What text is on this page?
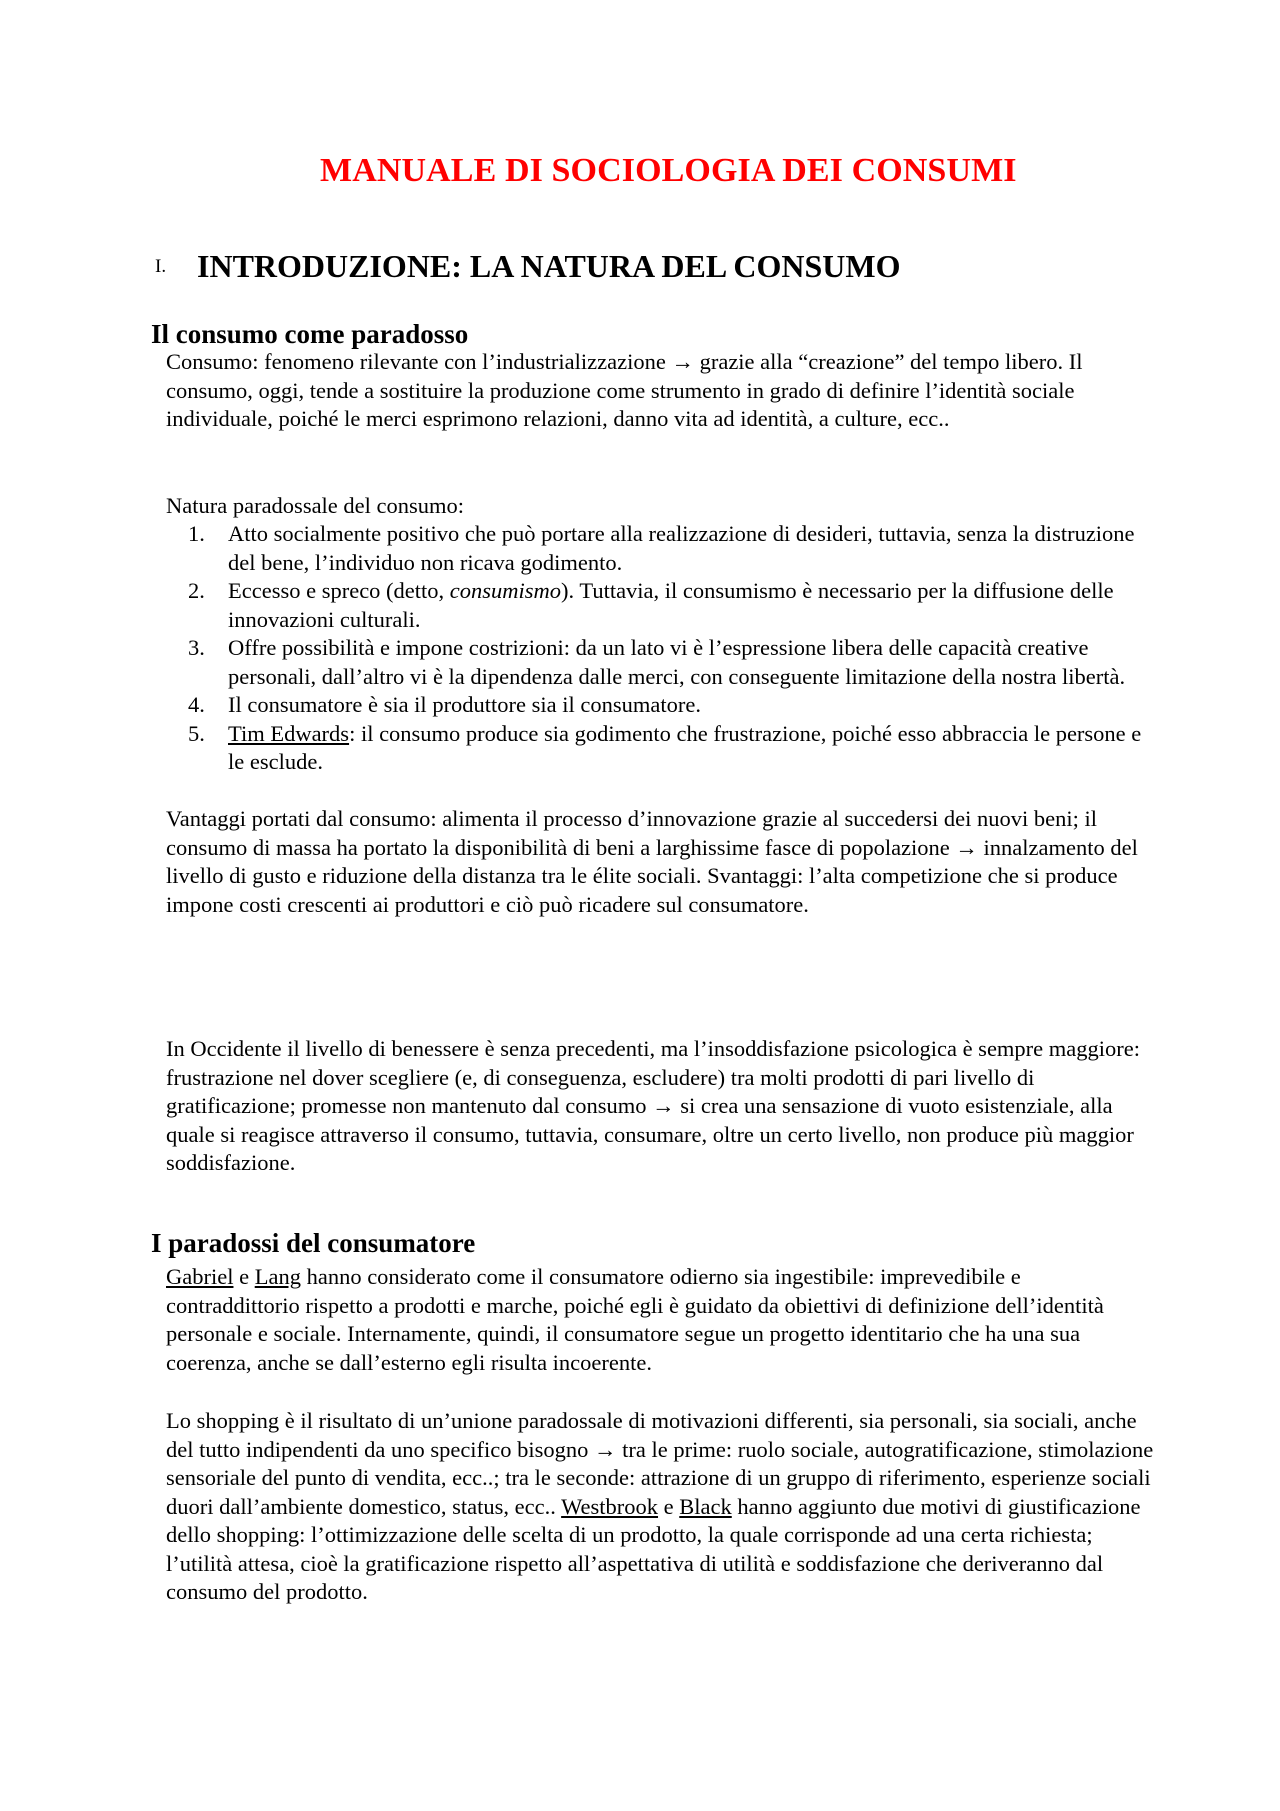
MANUALE DI SOCIOLOGIA DEI CONSUMI
I. INTRODUZIONE: LA NATURA DEL CONSUMO
Il consumo come paradosso

Consumo: fenomeno rilevante con l’industrializzazione → grazie alla “creazione” del tempo libero. Il consumo, oggi, tende a sostituire la produzione come strumento in grado di definire l’identità sociale individuale, poiché le merci esprimono relazioni, danno vita ad identità, a culture, ecc..

Natura paradossale del consumo:

1. Atto socialmente positivo che può portare alla realizzazione di desideri, tuttavia, senza la distruzione del bene, l’individuo non ricava godimento.
2. Eccesso e spreco (detto, consumismo). Tuttavia, il consumismo è necessario per la diffusione delle innovazioni culturali.
3. Offre possibilità e impone costrizioni: da un lato vi è l’espressione libera delle capacità creative personali, dall’altro vi è la dipendenza dalle merci, con conseguente limitazione della nostra libertà.
4. Il consumatore è sia il produttore sia il consumatore.
5. Tim Edwards: il consumo produce sia godimento che frustrazione, poiché esso abbraccia le persone e le esclude.

Vantaggi portati dal consumo: alimenta il processo d’innovazione grazie al succedersi dei nuovi beni; il consumo di massa ha portato la disponibilità di beni a larghissime fasce di popolazione → innalzamento del livello di gusto e riduzione della distanza tra le élite sociali. Svantaggi: l’alta competizione che si produce impone costi crescenti ai produttori e ciò può ricadere sul consumatore.

In Occidente il livello di benessere è senza precedenti, ma l’insoddisfazione psicologica è sempre maggiore: frustrazione nel dover scegliere (e, di conseguenza, escludere) tra molti prodotti di pari livello di gratificazione; promesse non mantenuto dal consumo → si crea una sensazione di vuoto esistenziale, alla quale si reagisce attraverso il consumo, tuttavia, consumare, oltre un certo livello, non produce più maggior soddisfazione.

I paradossi del consumatore

Gabriel e Lang hanno considerato come il consumatore odierno sia ingestibile: imprevedibile e contraddittorio rispetto a prodotti e marche, poiché egli è guidato da obiettivi di definizione dell’identità personale e sociale. Internamente, quindi, il consumatore segue un progetto identitario che ha una sua coerenza, anche se dall’esterno egli risulta incoerente.

Lo shopping è il risultato di un’unione paradossale di motivazioni differenti, sia personali, sia sociali, anche del tutto indipendenti da uno specifico bisogno → tra le prime: ruolo sociale, autogratificazione, stimolazione sensoriale del punto di vendita, ecc..; tra le seconde: attrazione di un gruppo di riferimento, esperienze sociali duori dall’ambiente domestico, status, ecc.. Westbrook e Black hanno aggiunto due motivi di giustificazione dello shopping: l’ottimizzazione delle scelta di un prodotto, la quale corrisponde ad una certa richiesta; l’utilità attesa, cioè la gratificazione rispetto all’aspettativa di utilità e soddisfazione che deriveranno dal consumo del prodotto.
